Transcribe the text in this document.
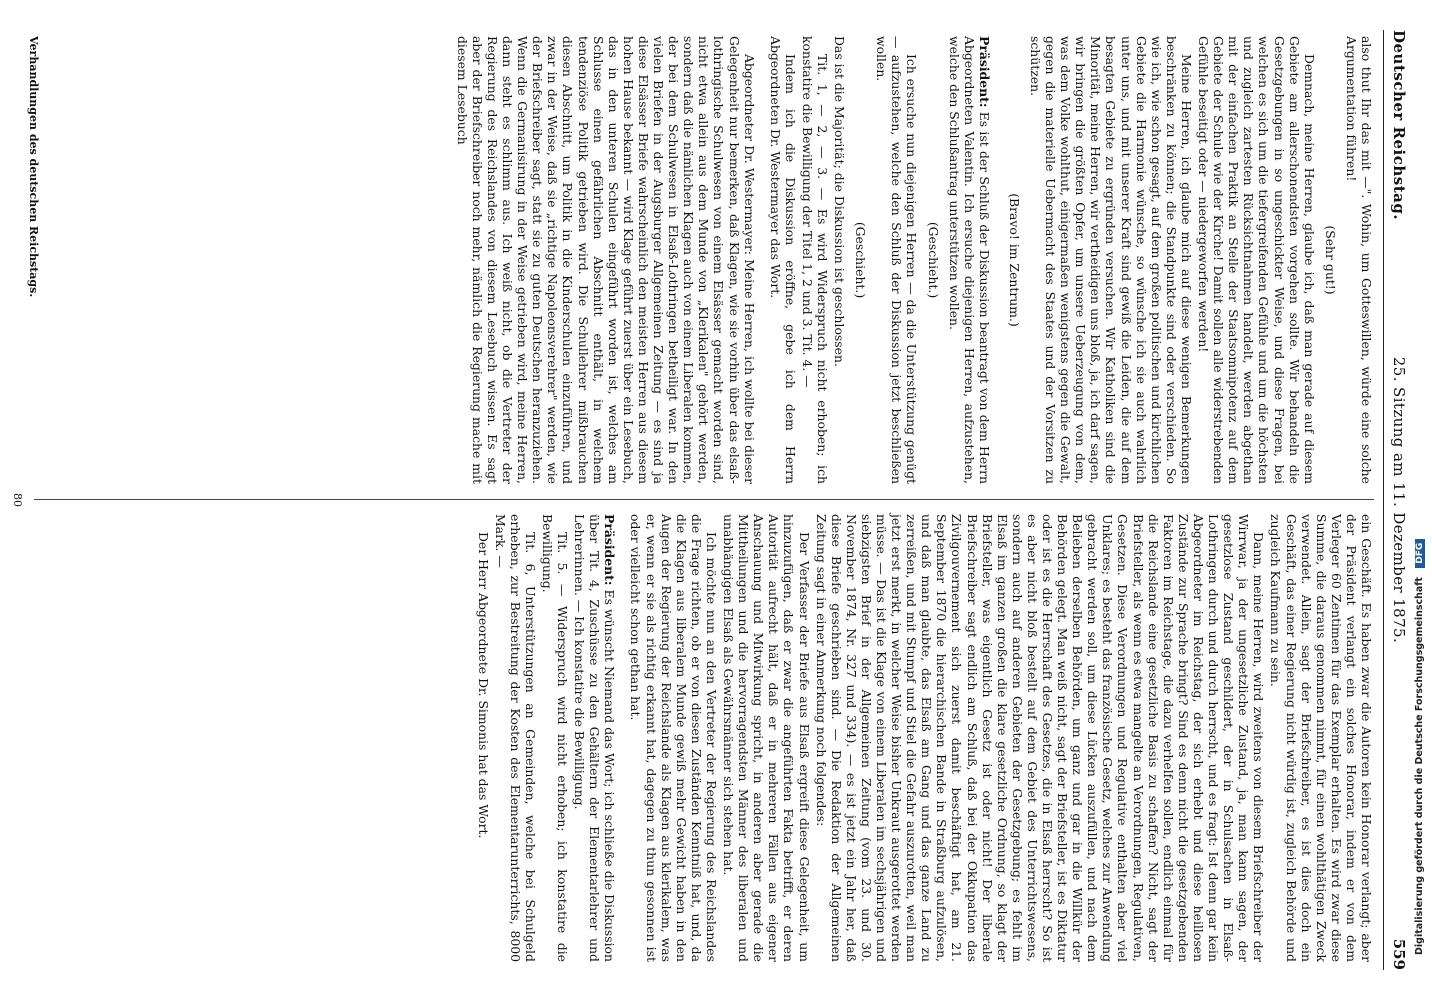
Deutscher Reichstag.
25. Sitzung am 11. Dezember 1875.
559

also thut Ihr das mit —". Wohin, um Gotteswillen, würde eine solche Argumentation führen!

(Sehr gut!)

Demnach, meine Herren, glaube ich, daß man gerade auf diesem Gebiete am allerschonendsten vorgehen sollte. Wir behandeln die Gesetzgebungen in so ungeschickter Weise, und diese Fragen, bei welchen es sich um die tiefergreifenden Gefühle und um die höchsten und zugleich zartesten Rücksichtnahmen handelt, werden abgethan mit der einfachen Praktik an Stelle der Staatsomnipotenz auf dem Gebiete der Schule wie der Kirche! Damit sollen alle widerstrebenden Gefühle beseitigt oder — niedergeworfen werden!

Meine Herren, ich glaube mich auf diese wenigen Bemerkungen beschränken zu können; die Standpunkte sind oder verschieden. So wie ich, wie schon gesagt, auf dem großen politischen und kirchlichen Gebiete die Harmonie wünsche, so wünsche ich sie auch wahrlich unter uns, und mit unserer Kraft sind gewiß die Leiden, die auf dem besagten Gebiete zu ergründen versuchen. Wir Katholiken sind die Minorität, meine Herren, wir vertheidigen uns bloß, ja, ich darf sagen, wir bringen die größten Opfer, um unsere Ueberzeugung von dem, was dem Volke wohlthut, einigermaßen wenigstens gegen die Gewalt, gegen die materielle Uebermacht des Staates und der Vorsitzen zu schützen.

(Bravo! im Zentrum.)

Präsident: Es ist der Schluß der Diskussion beantragt von dem Herrn Abgeordneten Valentin. Ich ersuche diejenigen Herren, aufzustehen, welche den Schlußantrag unterstützen wollen.

(Geschieht.)

Ich ersuche nun diejenigen Herren — da die Unterstützung genügt — aufzustehen, welche den Schluß der Diskussion jetzt beschließen wollen.

(Geschieht.)

Das ist die Majorität; die Diskussion ist geschlossen.

Tit. 1, — 2, — 3. — Es wird Widerspruch nicht erhoben; ich konstatire die Bewilligung der Titel 1, 2 und 3. Tit. 4. —

Indem ich die Diskussion eröffne, gebe ich dem Herrn Abgeordneten Dr. Westermayer das Wort.

Abgeordneter Dr. Westermayer: Meine Herren, ich wollte bei dieser Gelegenheit nur bemerken, daß Klagen, wie sie vorhin über das elsaß-lothringische Schulwesen von einem Elsässer gemacht worden sind, nicht etwa allein aus dem Munde von „Klerikalen" gehört werden, sondern daß die nämlichen Klagen auch von einem Liberalen kommen, der bei dem Schulwesen in Elsaß-Lothringen betheiligt war. In den vielen Briefen in der Augsburger Allgemeinen Zeitung — es sind ja diese Elsässer Briefe wahrscheinlich den meisten Herren aus diesem hohen Hause bekannt — wird Klage geführt zuerst über ein Lesebuch, das in den unteren Schulen eingeführt worden ist, welches am Schlusse einen gefährlichen Abschnitt enthält, in welchem tendenziöse Politik getrieben wird. Die Schullehrer mißbrauchen diesen Abschnitt, um Politik in die Kinderschulen einzuführen, und zwar in der Weise, daß sie „richtige Napoleonsverehrer" werden, wie der Briefschreiber sagt, statt sie zu guten Deutschen heranzuziehen. Wenn die Germanisirung in der Weise getrieben wird, meine Herren, dann steht es schlimm aus. Ich weiß nicht, ob die Vertreter der Regierung des Reichslandes von diesem Lesebuch wissen. Es sagt aber der Briefschreiber noch mehr, nämlich die Regierung mache mit diesem Lesebuch

ein Geschäft. Es haben zwar die Autoren kein Honorar verlangt; aber der Präsident verlangt ein solches Honorar, indem er von dem Verleger 60 Zentimen für das Exemplar erhalten. Es wird zwar diese Summe, die daraus genommen nimmt, für einen wohlthätigen Zweck verwendet. Allein, sagt der Briefschreiber, es ist dies doch ein Geschäft, das einer Regierung nicht würdig ist, zugleich Behörde und zugleich Kaufmann zu sein.

Dann, meine Herren, wird zweitens von diesem Briefschreiber der Wirrwar, ja der ungesetzliche Zustand, ja, man kann sagen, der gesetzlose Zustand geschildert, der in Schulsachen in Elsaß-Lothringen durch und durch herrscht, und es fragt: Ist denn gar kein Abgeordneter im Reichstag, der sich erhebt und diese heillosen Zustände zur Sprache bringt? Sind es denn nicht die gesetzgebenden Faktoren im Reichstage, die dazu verhelfen sollen, endlich einmal für die Reichslande eine gesetzliche Basis zu schaffen? Nicht, sagt der Briefsteller, als wenn es etwa mangelte an Verordnungen, Regulativen, Gesetzen. Diese Verordnungen und Regulative enthalten aber viel Unklares; es besteht das französische Gesetz, welches zur Anwendung gebracht werden soll, um diese Lücken auszufüllen, und nach dem Belieben derselben Behörden, um ganz und gar in die Willkür der Behörden gelegt. Man weiß nicht, sagt der Briefsteller, ist es Diktatur oder ist es die Herrschaft des Gesetzes, die in Elsaß herrscht? So ist es aber nicht bloß bestellt auf dem Gebiet des Unterrichtswesens, sondern auch auf anderen Gebieten der Gesetzgebung; es fehlt im Elsaß im ganzen großen die klare gesetzliche Ordnung, so klagt der Briefsteller, was eigentlich Gesetz ist oder nicht! Der liberale Briefschreiber sagt endlich am Schluß, daß bei der Okkupation das Zivilgouvernement sich zuerst damit beschäftigt hat, am 21. September 1870 die hierarchischen Bande in Straßburg aufzulösen, und daß man glaubte, das Elsaß am Gang und das ganze Land zu zerreißen, und mit Stumpf und Stiel die Gefahr auszurotten, weil man jetzt erst merkt, in welcher Weise bisher Unkraut ausgerottet werden müsse. — Das ist die Klage von einem Liberalen im sechsjährigen und siebzigsten Brief in der Allgemeinen Zeitung (vom 23. und 30. November 1874, Nr. 327 und 334). — es ist jetzt ein Jahr her, daß diese Briefe geschrieben sind. — Die Redaktion der Allgemeinen Zeitung sagt in einer Anmerkung noch folgendes:

Der Verfasser der Briefe aus Elsaß ergreift diese Gelegenheit, um hinzuzufügen, daß er zwar die angeführten Fakta betrifft, er deren Autorität aufrecht hält, daß er in mehreren Fällen aus eigener Anschauung und Mitwirkung spricht, in anderen aber gerade die Mittheilungen und die hervorragendsten Männer des liberalen und unabhängigen Elsaß als Gewährsmänner sich stehen hat.

Ich möchte nun an den Vertreter der Regierung des Reichslandes die Frage richten, ob er von diesen Zuständen Kenntniß hat, und, da die Klagen aus liberalem Munde gewiß mehr Gewicht haben in den Augen der Regierung der Reichslande als Klagen aus klerikalem, was er, wenn er sie als richtig erkannt hat, dagegen zu thun gesonnen ist oder vielleicht schon gethan hat.

Präsident: Es wünscht Niemand das Wort; ich schließe die Diskussion über Tit. 4, Zuschüsse zu den Gehältern der Elementarlehrer und Lehrerinnen. — Ich konstatire die Bewilligung.

Tit. 5. — Widerspruch wird nicht erhoben; ich konstatire die Bewilligung.

Tit. 6, Unterstützungen an Gemeinden, welche bei Schulgeld erheben, zur Bestreitung der Kosten des Elementarunterrichts, 8000 Mark. —

Der Herr Abgeordnete Dr. Simonis hat das Wort.

Verhandlungen des deutschen Reichstags.
80
Digitalisierung gefördert durch die Deutsche Forschungsgemeinschaft DFG
